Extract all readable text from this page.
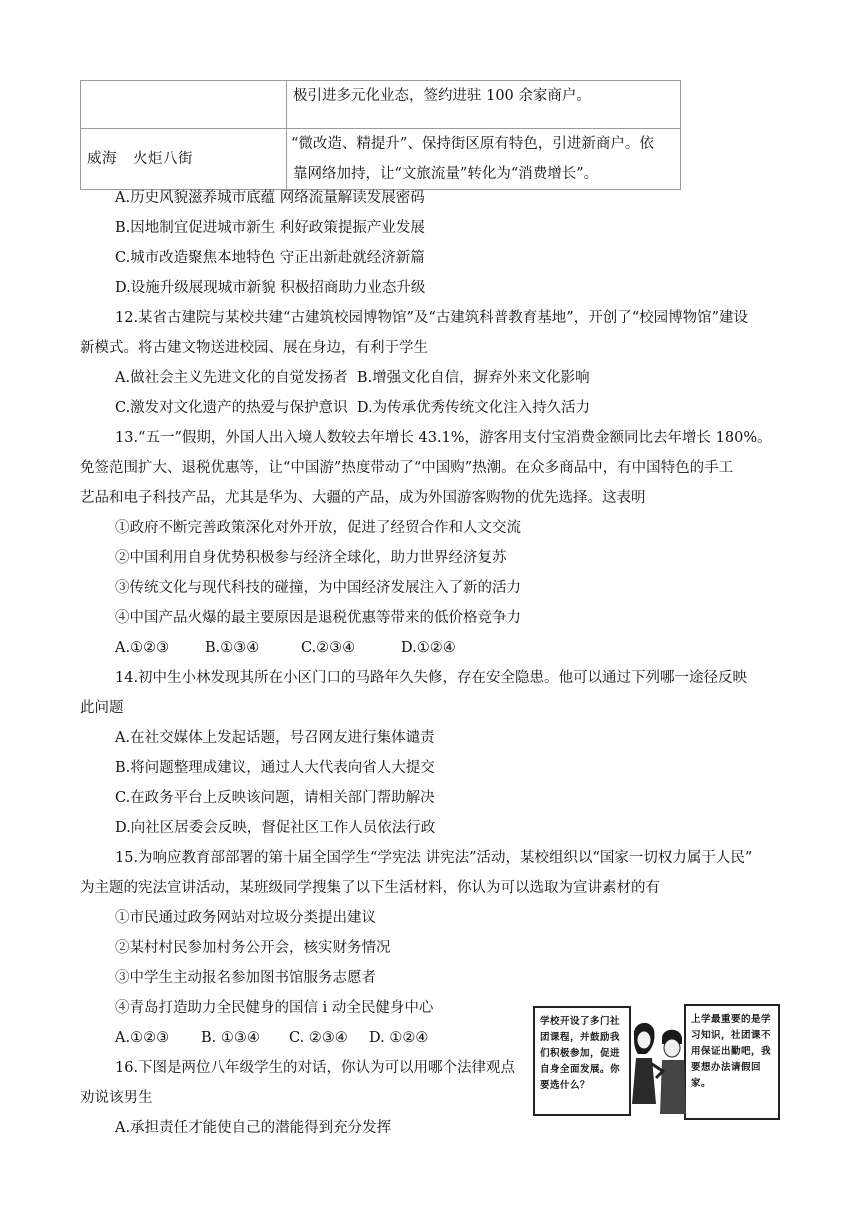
	极引进多元化业态，签约进驻 100 余家商户。
威海 火炬八街	“微改造、精提升”、保持街区原有特色，引进新商户。依
靠网络加持，让“文旅流量”转化为“消费增长”。
A.历史风貌滋养城市底蕴 网络流量解读发展密码
B.因地制宜促进城市新生 利好政策提振产业发展
C.城市改造聚焦本地特色 守正出新赴就经济新篇
D.设施升级展现城市新貌 积极招商助力业态升级
12.某省古建院与某校共建“古建筑校园博物馆”及“古建筑科普教育基地”，开创了“校园博物馆”建设
新模式。将古建文物送进校园、展在身边，有利于学生
A.做社会主义先进文化的自觉发扬者 B.增强文化自信，摒弃外来文化影响
C.激发对文化遗产的热爱与保护意识 D.为传承优秀传统文化注入持久活力
13.“五一”假期，外国人出入境人数较去年增长 43.1%，游客用支付宝消费金额同比去年增长 180%。
免签范围扩大、退税优惠等，让“中国游”热度带动了“中国购”热潮。在众多商品中，有中国特色的手工
艺品和电子科技产品，尤其是华为、大疆的产品，成为外国游客购物的优先选择。这表明
①政府不断完善政策深化对外开放，促进了经贸合作和人文交流
②中国利用自身优势积极参与经济全球化，助力世界经济复苏
③传统文化与现代科技的碰撞，为中国经济发展注入了新的活力
④中国产品火爆的最主要原因是退税优惠等带来的低价格竞争力
A.①②③ B.①③④	C.②③④	D.①②④
14.初中生小林发现其所在小区门口的马路年久失修，存在安全隐患。他可以通过下列哪一途径反映
此问题
A.在社交媒体上发起话题，号召网友进行集体谴责
B.将问题整理成建议，通过人大代表向省人大提交
C.在政务平台上反映该问题，请相关部门帮助解决
D.向社区居委会反映，督促社区工作人员依法行政
15.为响应教育部部署的第十届全国学生“学宪法 讲宪法”活动，某校组织以“国家一切权力属于人民”
为主题的宪法宣讲活动，某班级同学搜集了以下生活材料，你认为可以选取为宣讲素材的有
①市民通过政务网站对垃圾分类提出建议
②某村村民参加村务公开会，核实财务情况
③中学生主动报名参加图书馆服务志愿者
④青岛打造助力全民健身的国信 i 动全民健身中心
A.①②③ B. ①③④ C. ②③④ D. ①②④
16.下图是两位八年级学生的对话，你认为可以用哪个法律观点
劝说该男生
A.承担责任才能使自己的潜能得到充分发挥
学校开设了多门社团课程，并鼓励我们积极参加，促进自身全面发展。你要选什么？
上学最重要的是学习知识，社团课不用保证出勤吧，我要想办法请假回家。
